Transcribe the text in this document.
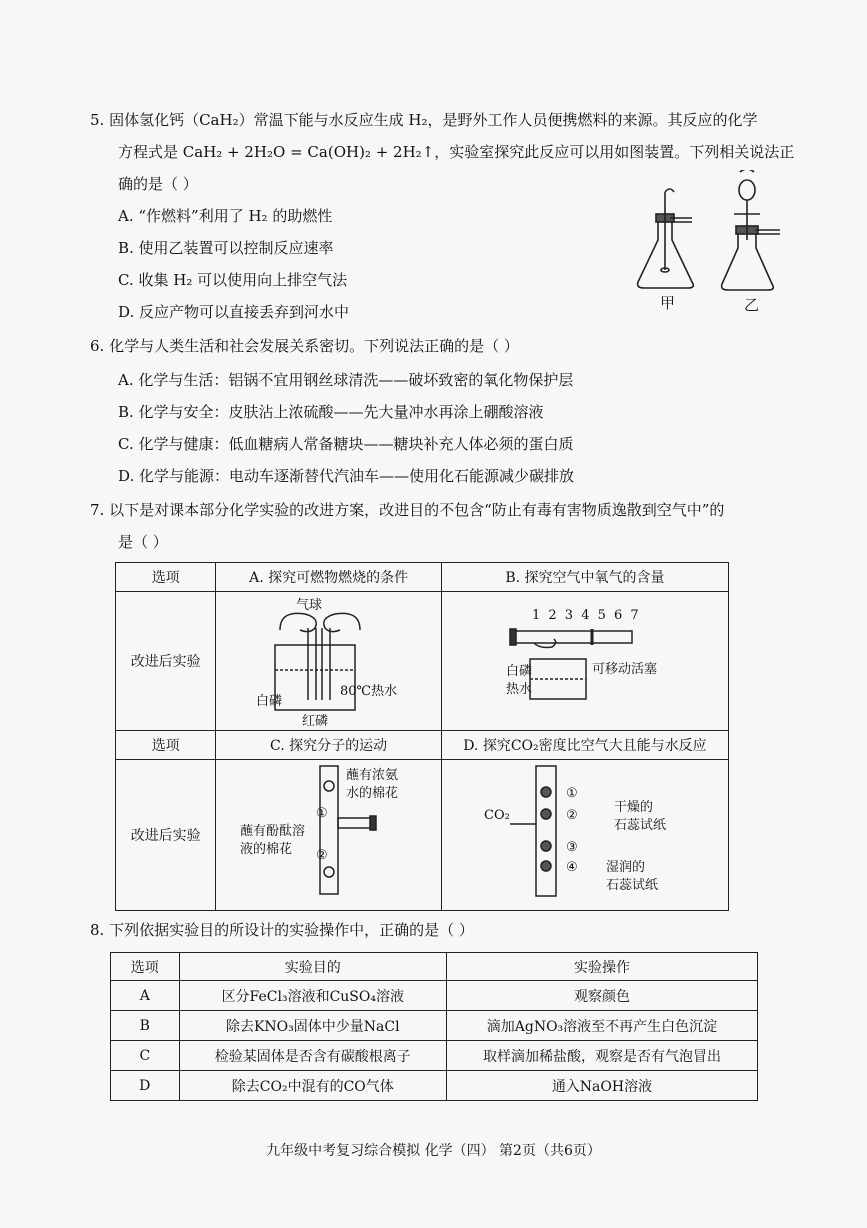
5. 固体氢化钙（CaH₂）常温下能与水反应生成 H₂，是野外工作人员便携燃料的来源。其反应的化学
方程式是 CaH₂ + 2H₂O = Ca(OH)₂ + 2H₂↑，实验室探究此反应可以用如图装置。下列相关说法正
确的是（ ）
A. “作燃料”利用了 H₂ 的助燃性
B. 使用乙装置可以控制反应速率
C. 收集 H₂ 可以使用向上排空气法
D. 反应产物可以直接丢弃到河水中	甲	乙
6. 化学与人类生活和社会发展关系密切。下列说法正确的是（ ）
A. 化学与生活：铝锅不宜用钢丝球清洗——破坏致密的氧化物保护层
B. 化学与安全：皮肤沾上浓硫酸——先大量冲水再涂上硼酸溶液
C. 化学与健康：低血糖病人常备糖块——糖块补充人体必须的蛋白质
D. 化学与能源：电动车逐渐替代汽油车——使用化石能源减少碳排放
7. 以下是对课本部分化学实验的改进方案，改进目的不包含“防止有毒有害物质逸散到空气中”的
是（ ）
选项	A. 探究可燃物燃烧的条件	B. 探究空气中氧气的含量
改进后实验		
选项	C. 探究分子的运动	D. 探究CO₂密度比空气大且能与水反应
改进后实验		
气球
白磷
80℃热水
红磷
1 2 3 4 5 6 7
白磷
热水
可移动活塞
蘸有浓氨
水的棉花
蘸有酚酞溶
液的棉花
①
②
CO₂
①
②
③
④
干燥的
石蕊试纸
湿润的
石蕊试纸
8. 下列依据实验目的所设计的实验操作中，正确的是（ ）
选项	实验目的	实验操作
A	区分FeCl₃溶液和CuSO₄溶液	观察颜色
B	除去KNO₃固体中少量NaCl	滴加AgNO₃溶液至不再产生白色沉淀
C	检验某固体是否含有碳酸根离子	取样滴加稀盐酸，观察是否有气泡冒出
D	除去CO₂中混有的CO气体	通入NaOH溶液
九年级中考复习综合模拟 化学（四） 第2页（共6页）
